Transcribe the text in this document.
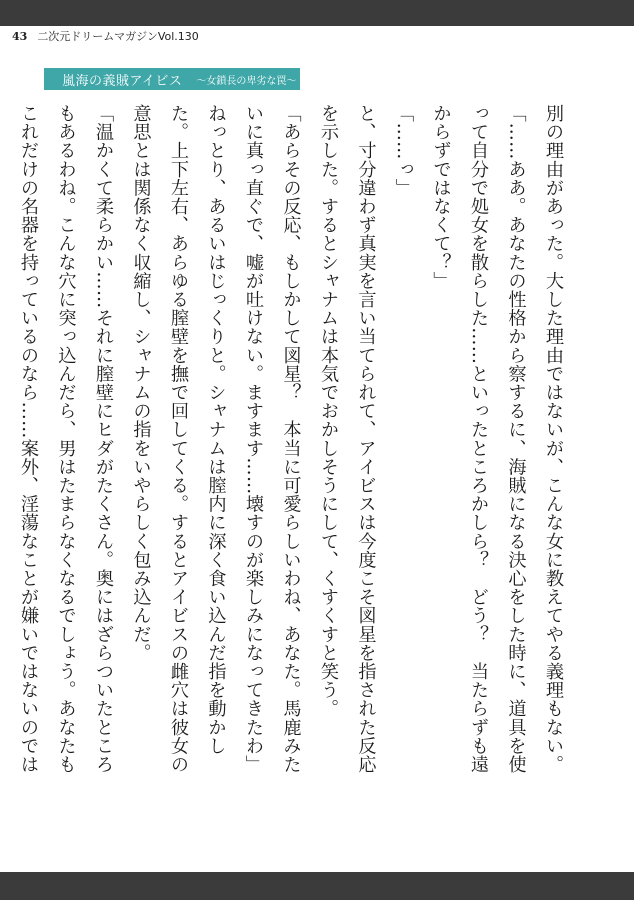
43 二次元ドリームマガジンVol.130
嵐海の義賊アイビス 〜女鎖長の卑劣な罠〜

別の理由があった。大した理由ではないが、こんな女に教えてやる義理もない。

「……ああ。あなたの性格から察するに、海賊になる決心をした時に、道具を使って自分で処女を散らした……といったところかしら？　どう？　当たらずも遠からずではなくて？」

「……っ」

と、寸分違わず真実を言い当てられて、アイビスは今度こそ図星を指された反応を示した。するとシャナムは本気でおかしそうにして、くすくすと笑う。

「あらその反応、もしかして図星？　本当に可愛らしいわね、あなた。馬鹿みたいに真っ直ぐで、嘘が吐けない。ますます……壊すのが楽しみになってきたわ」

ねっとり、あるいはじっくりと。シャナムは膣内に深く食い込んだ指を動かした。上下左右、あらゆる膣壁を撫で回してくる。するとアイビスの雌穴は彼女の意思とは関係なく収縮し、シャナムの指をいやらしく包み込んだ。

「温かくて柔らかい……それに膣壁にヒダがたくさん。奥にはざらついたところもあるわね。こんな穴に突っ込んだら、男はたまらなくなるでしょう。あなたもこれだけの名器を持っているのなら……案外、淫蕩なことが嫌いではないのでは
